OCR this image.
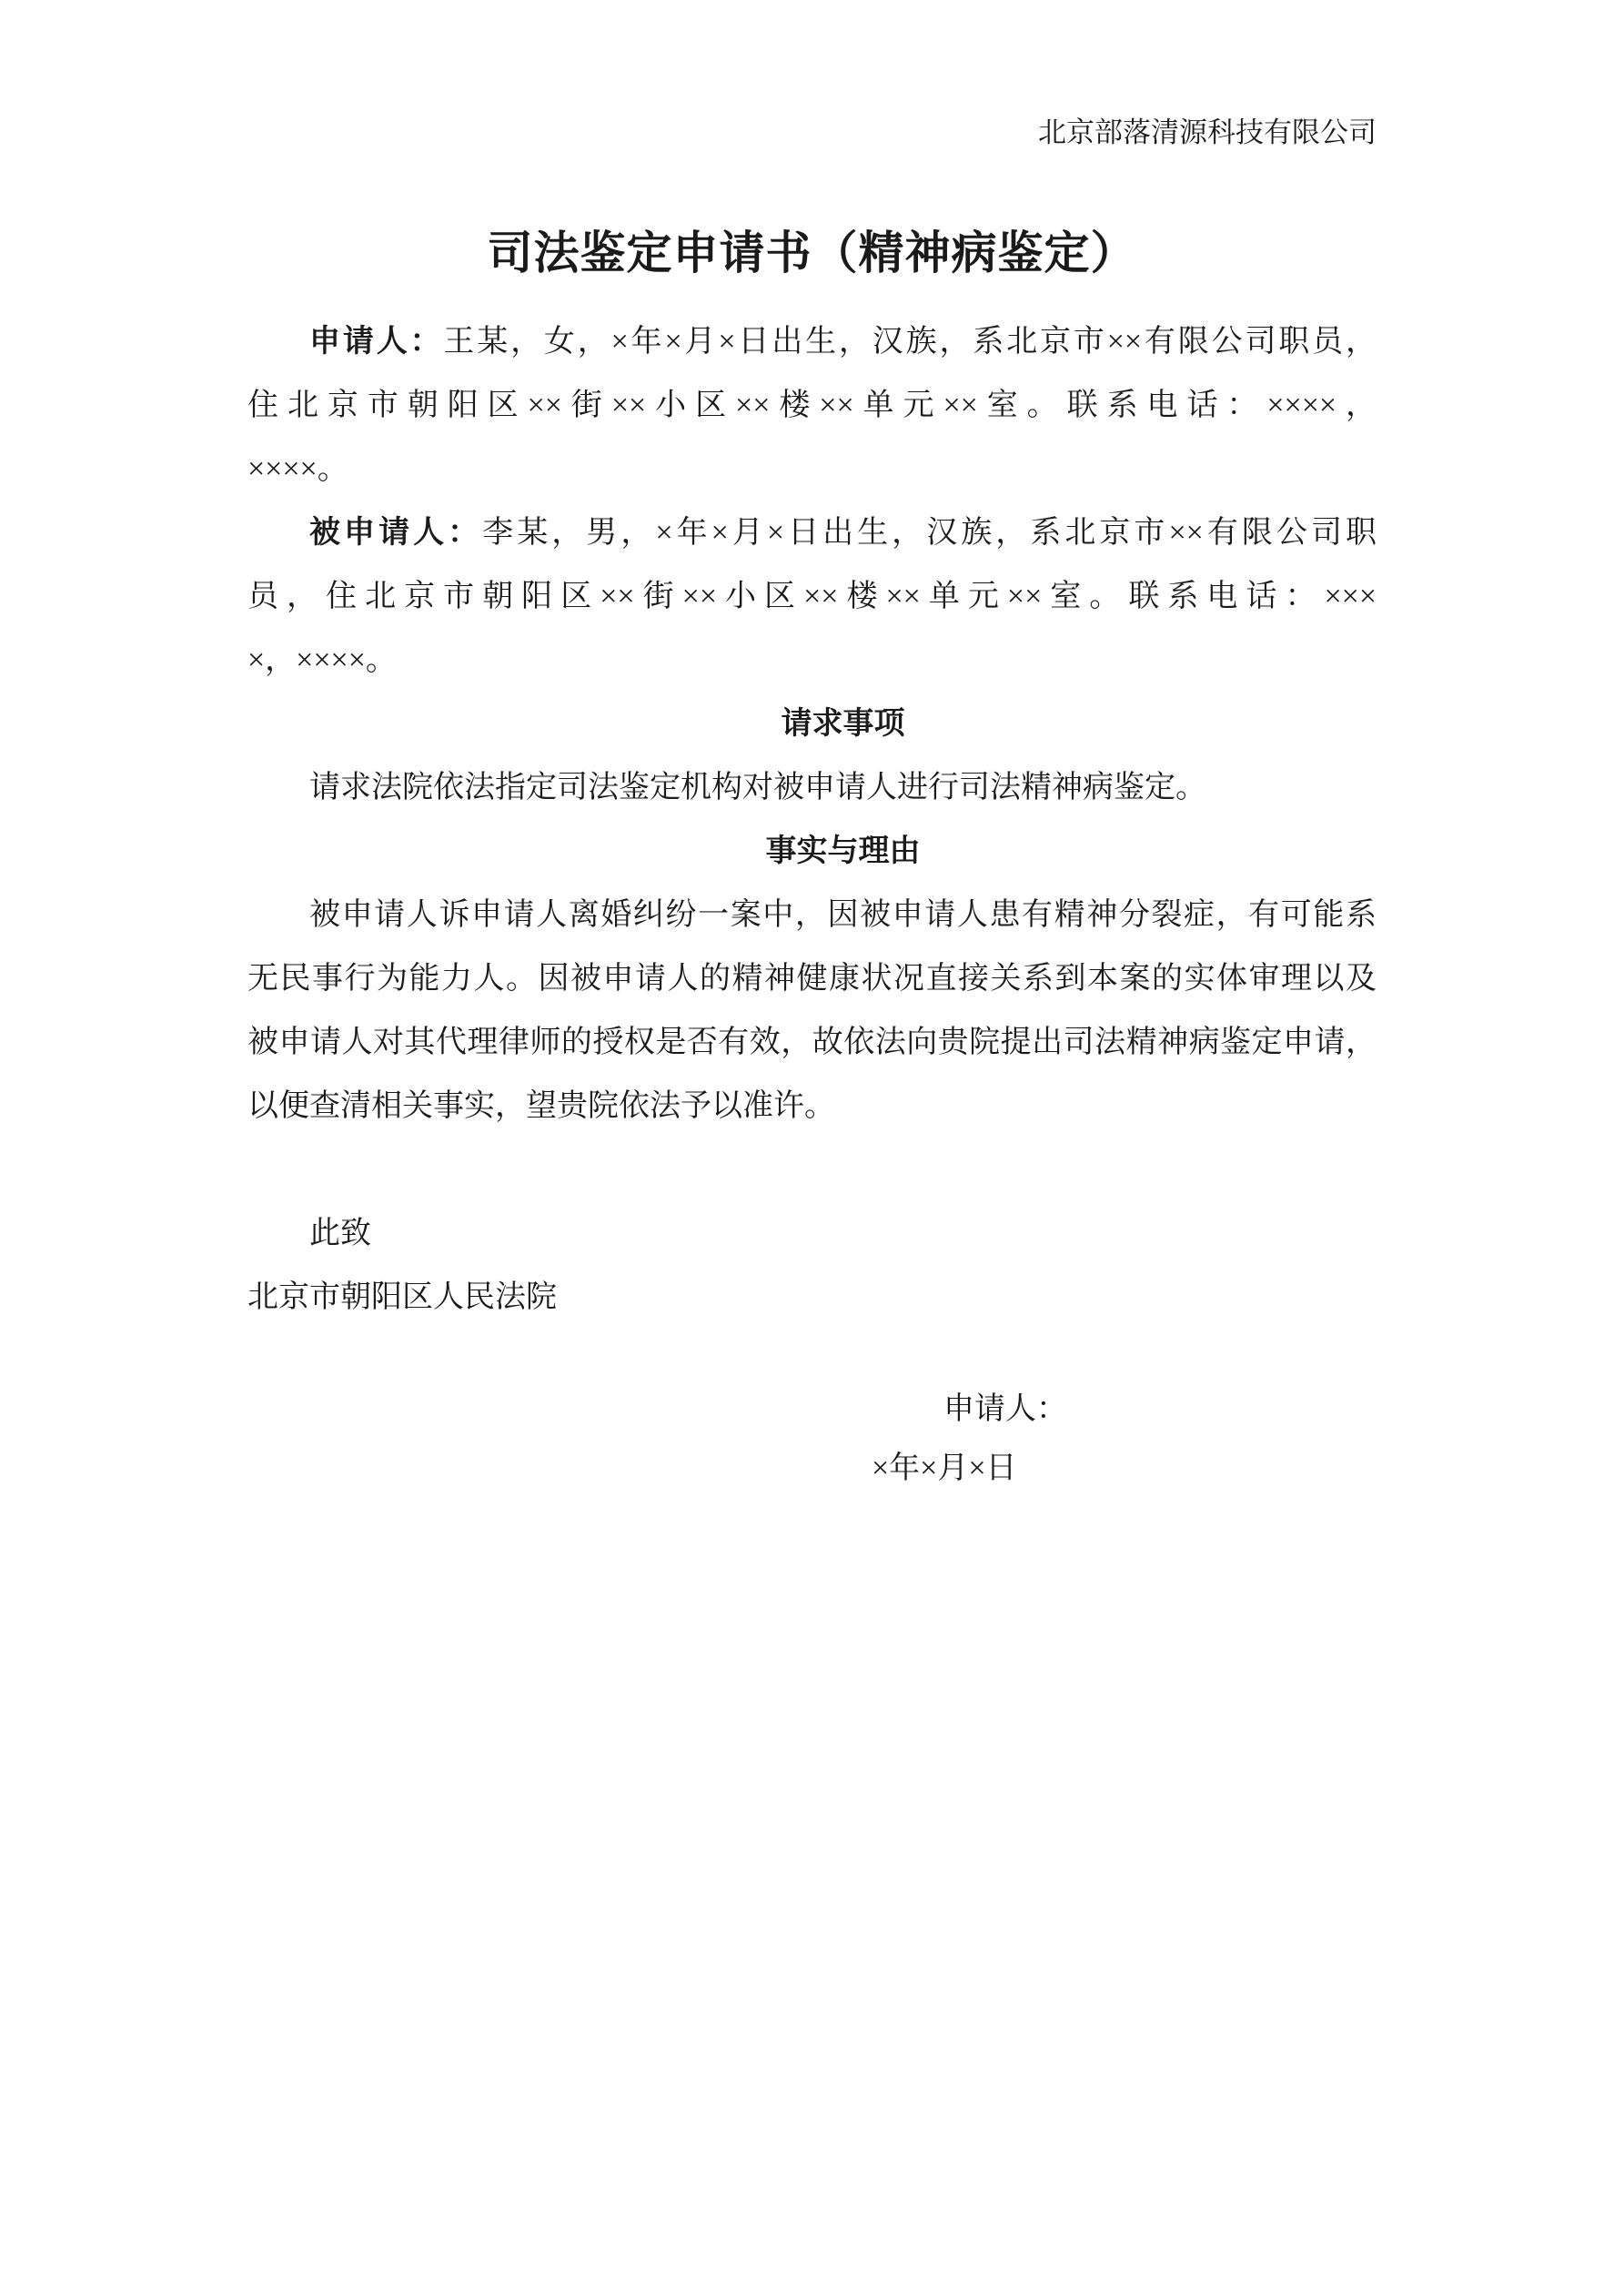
北京部落清源科技有限公司
司法鉴定申请书（精神病鉴定）
申请人：王某，女，×年×月×日出生，汉族，系北京市××有限公司职员，
住北京市朝阳区××街××小区××楼××单元××室。联系电话：××××，
××××。
被申请人：李某，男，×年×月×日出生，汉族，系北京市××有限公司职
员，住北京市朝阳区××街××小区××楼××单元××室。联系电话：×××
×，××××。
请求事项
请求法院依法指定司法鉴定机构对被申请人进行司法精神病鉴定。
事实与理由
被申请人诉申请人离婚纠纷一案中，因被申请人患有精神分裂症，有可能系
无民事行为能力人。因被申请人的精神健康状况直接关系到本案的实体审理以及
被申请人对其代理律师的授权是否有效，故依法向贵院提出司法精神病鉴定申请，
以便查清相关事实，望贵院依法予以准许。
此致
北京市朝阳区人民法院
申请人：
×年×月×日
